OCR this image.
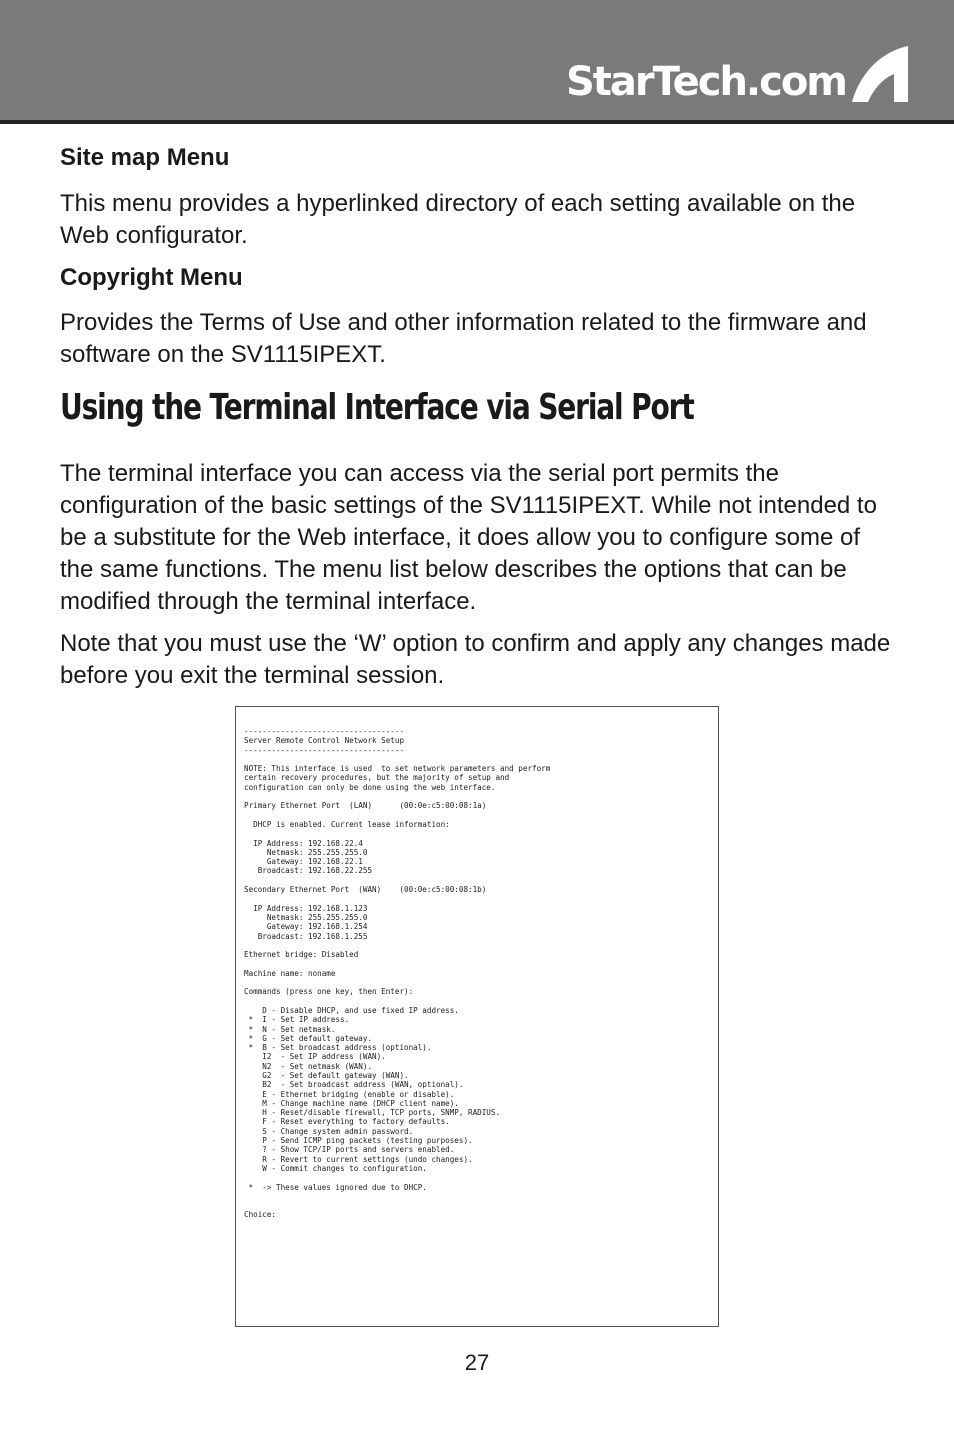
StarTech.com
Site map Menu

This menu provides a hyperlinked directory of each setting available on the Web configurator.

Copyright Menu

Provides the Terms of Use and other information related to the firmware and software on the SV1115IPEXT.

Using the Terminal Interface via Serial Port

The terminal interface you can access via the serial port permits the configuration of the basic settings of the SV1115IPEXT. While not intended to be a substitute for the Web interface, it does allow you to configure some of the same functions. The menu list below describes the options that can be modified through the terminal interface.

Note that you must use the ‘W’ option to confirm and apply any changes made before you exit the terminal session.

-----------------------------------
Server Remote Control Network Setup
-----------------------------------

NOTE: This interface is used  to set network parameters and perform
certain recovery procedures, but the majority of setup and
configuration can only be done using the web interface.

Primary Ethernet Port  (LAN)      (00:0e:c5:00:08:1a)

DHCP is enabled. Current lease information:

IP Address: 192.168.22.4
Netmask: 255.255.255.0
Gateway: 192.168.22.1
Broadcast: 192.168.22.255

Secondary Ethernet Port  (WAN)    (00:0e:c5:00:08:1b)

IP Address: 192.168.1.123
Netmask: 255.255.255.0
Gateway: 192.168.1.254
Broadcast: 192.168.1.255

Ethernet bridge: Disabled

Machine name: noname

Commands (press one key, then Enter):

D - Disable DHCP, and use fixed IP address.
*  I - Set IP address.
*  N - Set netmask.
*  G - Set default gateway.
*  B - Set broadcast address (optional).
I2  - Set IP address (WAN).
N2  - Set netmask (WAN).
G2  - Set default gateway (WAN).
B2  - Set broadcast address (WAN, optional).
E - Ethernet bridging (enable or disable).
M - Change machine name (DHCP client name).
H - Reset/disable firewall, TCP ports, SNMP, RADIUS.
F - Reset everything to factory defaults.
S - Change system admin password.
P - Send ICMP ping packets (testing purposes).
? - Show TCP/IP ports and servers enabled.
R - Revert to current settings (undo changes).
W - Commit changes to configuration.

*  -> These values ignored due to DHCP.

Choice:
27
